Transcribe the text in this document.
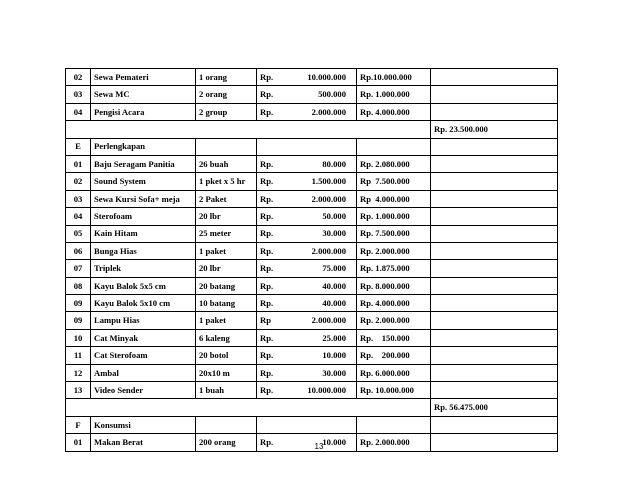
02	Sewa Pemateri	1 orang	Rp. 10.000.000	Rp.10.000.000	
03	Sewa MC	2 orang	Rp. 500.000	Rp. 1.000.000	
04	Pengisi Acara	2 group	Rp. 2.000.000	Rp. 4.000.000	
					Rp. 23.500.000
E	Perlengkapan				
01	Baju Seragam Panitia	26 buah	Rp. 80.000	Rp. 2.080.000	
02	Sound System	1 pket x 5 hr	Rp. 1.500.000	Rp  7.500.000	
03	Sewa Kursi Sofa+ meja	2 Paket	Rp. 2.000.000	Rp  4.000.000	
04	Sterofoam	20 lbr	Rp. 50.000	Rp. 1.000.000	
05	Kain Hitam	25 meter	Rp. 30.000	Rp. 7.500.000	
06	Bunga Hias	1 paket	Rp. 2.000.000	Rp. 2.000.000	
07	Triplek	20 lbr	Rp. 75.000	Rp. 1.875.000	
08	Kayu Balok 5x5 cm	20 batang	Rp. 40.000	Rp. 8.000.000	
09	Kayu Balok 5x10 cm	10 batang	Rp. 40.000	Rp. 4.000.000	
09	Lampu Hias	1 paket	Rp 2.000.000	Rp. 2.000.000	
10	Cat Minyak	6 kaleng	Rp. 25.000	Rp.    150.000	
11	Cat Sterofoam	20 botol	Rp. 10.000	Rp.    200.000	
12	Ambal	20x10 m	Rp. 30.000	Rp. 6.000.000	
13	Video Sender	1 buah	Rp. 10.000.000	Rp. 10.000.000	
					Rp. 56.475.000
F	Konsumsi				
01	Makan Berat	200 orang	Rp. 10.000	Rp. 2.000.000	
13
